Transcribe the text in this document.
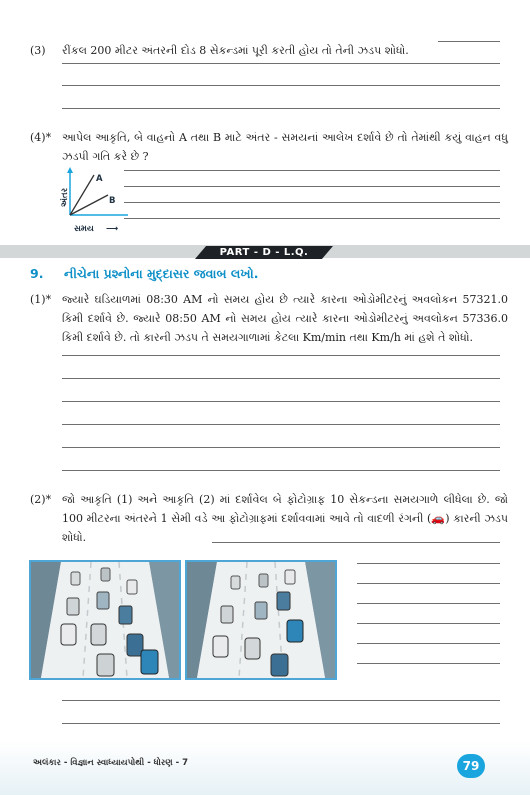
(3) રીંકલ 200 મીટર અંતરની દોડ 8 સેકન્ડમાં પૂરી કરતી હોય તો તેની ઝડપ શોધો.
(4)* આપેલ આકૃતિ, બે વાહનો A તથા B માટે અંતર - સમયનાં આલેખ દર્શાવે છે તો તેમાંથી કયું વાહન વધુ ઝડપી ગતિ કરે છે ?
A
B
અંતર
સમય ⟶
PART - D - L.Q.
9. નીચેના પ્રશ્નોના મુદ્દાસર જવાબ લખો.
(1)* જ્યારે ઘડિયાળમાં 08:30 AM નો સમય હોય છે ત્યારે કારના ઓડોમીટરનું અવલોકન 57321.0 કિમી દર્શાવે છે. જ્યારે 08:50 AM નો સમય હોય ત્યારે કારના ઓડોમીટરનું અવલોકન 57336.0 કિમી દર્શાવે છે. તો કારની ઝડપ તે સમયગાળામાં કેટલા Km/min તથા Km/h માં હશે તે શોધો.
(2)* જો આકૃતિ (1) અને આકૃતિ (2) માં દર્શાવેલ બે ફોટોગ્રાફ 10 સેકન્ડના સમયગાળે લીધેલા છે. જો 100 મીટરના અંતરને 1 સેમી વડે આ ફોટોગ્રાફમાં દર્શાવવામાં આવે તો વાદળી રંગની (🚗) કારની ઝડપ શોધો.
અલંકાર - વિજ્ઞાન સ્વાધ્યાયપોથી - ધોરણ - 7	79
